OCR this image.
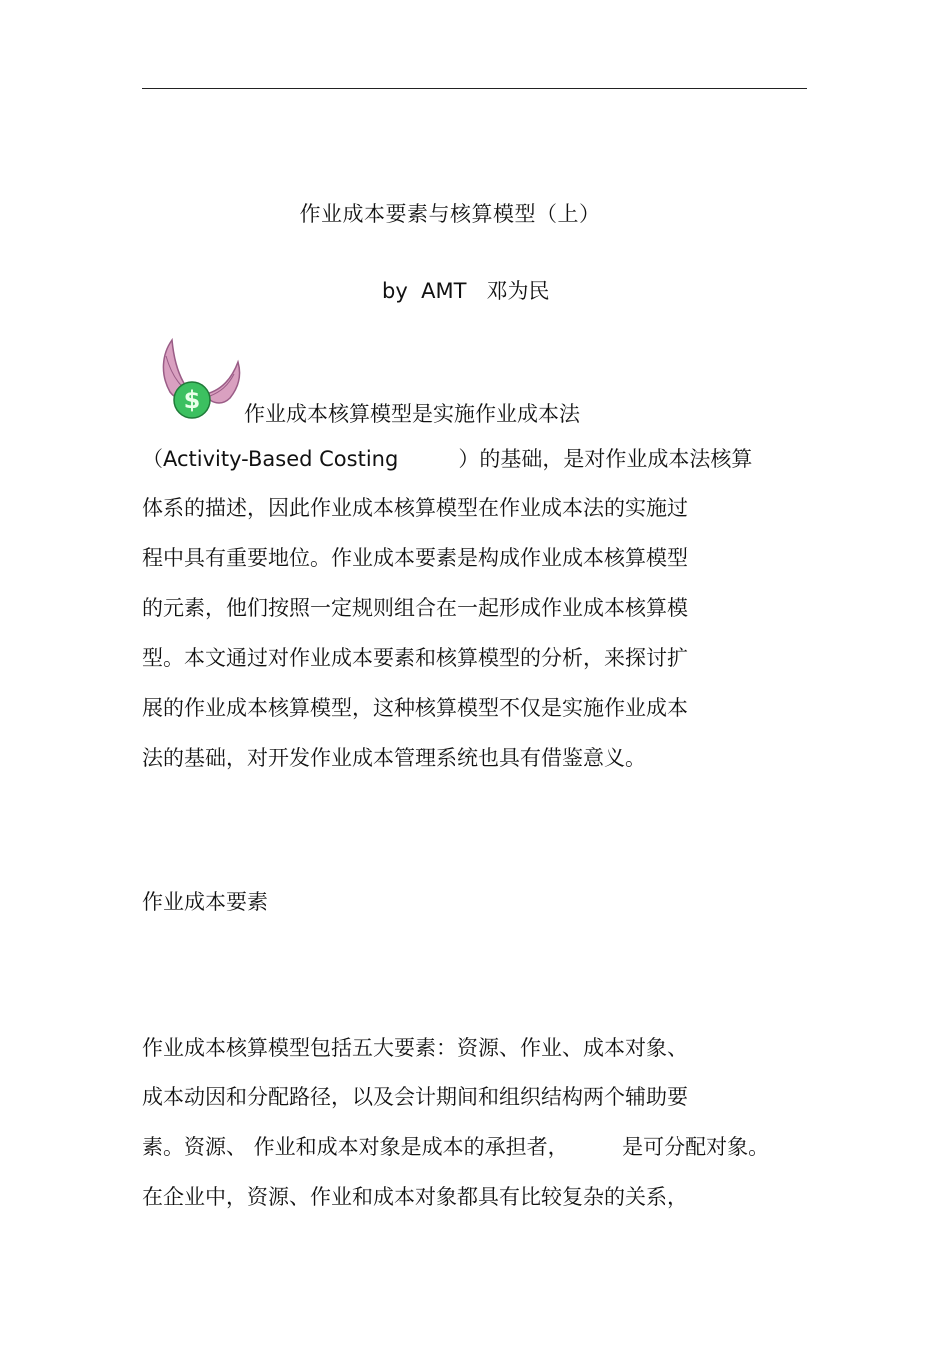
作业成本要素与核算模型（上）
by  AMT   邓为民
$ 作业成本核算模型是实施作业成本法
（Activity-Based Costing         ）的基础，是对作业成本法核算
体系的描述，因此作业成本核算模型在作业成本法的实施过
程中具有重要地位。作业成本要素是构成作业成本核算模型
的元素，他们按照一定规则组合在一起形成作业成本核算模
型。本文通过对作业成本要素和核算模型的分析，来探讨扩
展的作业成本核算模型，这种核算模型不仅是实施作业成本
法的基础，对开发作业成本管理系统也具有借鉴意义。
作业成本要素
作业成本核算模型包括五大要素：资源、作业、成本对象、
成本动因和分配路径，以及会计期间和组织结构两个辅助要
素。资源、 作业和成本对象是成本的承担者，        是可分配对象。
在企业中，资源、作业和成本对象都具有比较复杂的关系，
